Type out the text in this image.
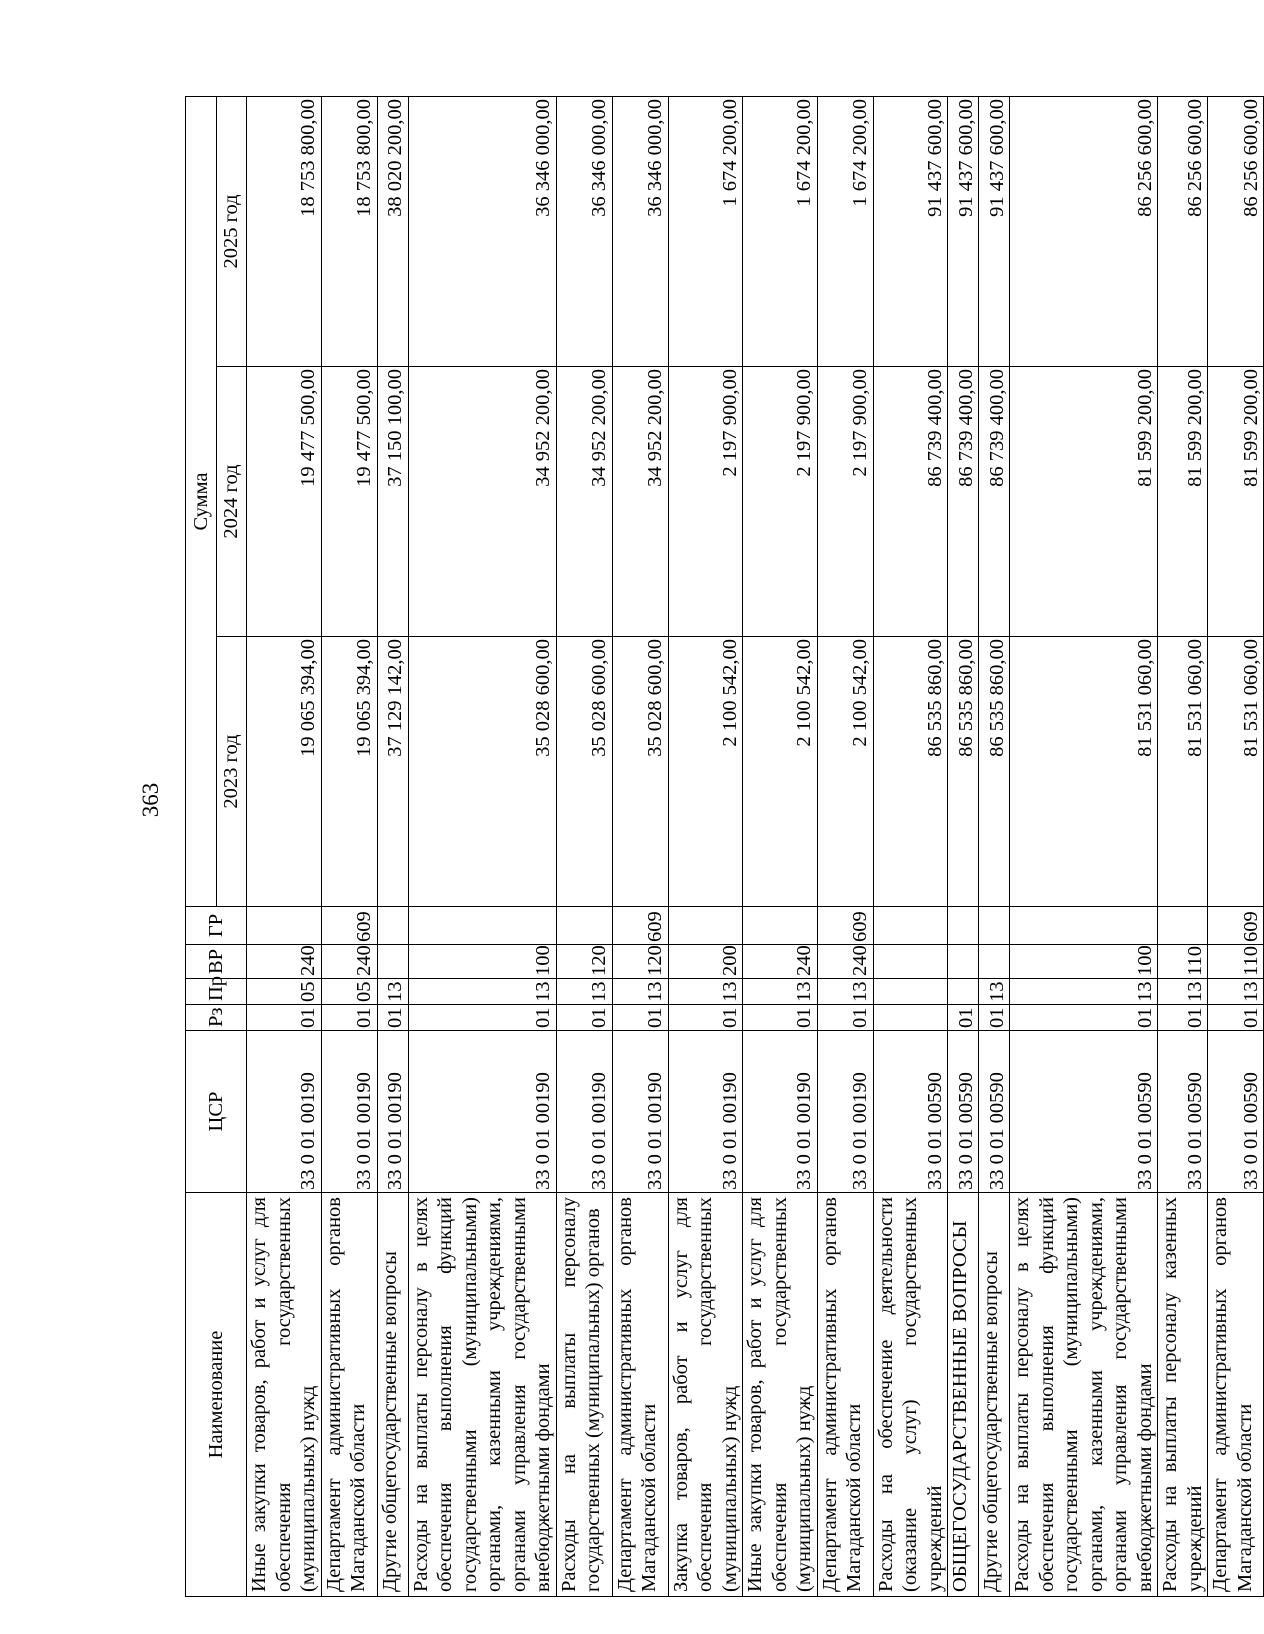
363
Наименование	ЦСР	Рз	Пр	ВР	ГР	Сумма		
						2023 год	2024 год	2025 год
Иные закупки товаров, работ и услуг для обеспечения государственных (муниципальных) нужд	33 0 01 00190	01	05	240		19 065 394,00	19 477 500,00	18 753 800,00
Департамент административных органов Магаданской области	33 0 01 00190	01	05	240	609	19 065 394,00	19 477 500,00	18 753 800,00
Другие общегосударственные вопросы	33 0 01 00190	01	13			37 129 142,00	37 150 100,00	38 020 200,00
Расходы на выплаты персоналу в целях обеспечения выполнения функций государственными (муниципальными) органами, казенными учреждениями, органами управления государственными внебюджетными фондами	33 0 01 00190	01	13	100		35 028 600,00	34 952 200,00	36 346 000,00
Расходы на выплаты персоналу государственных (муниципальных) органов	33 0 01 00190	01	13	120		35 028 600,00	34 952 200,00	36 346 000,00
Департамент административных органов Магаданской области	33 0 01 00190	01	13	120	609	35 028 600,00	34 952 200,00	36 346 000,00
Закупка товаров, работ и услуг для обеспечения государственных (муниципальных) нужд	33 0 01 00190	01	13	200		2 100 542,00	2 197 900,00	1 674 200,00
Иные закупки товаров, работ и услуг для обеспечения государственных (муниципальных) нужд	33 0 01 00190	01	13	240		2 100 542,00	2 197 900,00	1 674 200,00
Департамент административных органов Магаданской области	33 0 01 00190	01	13	240	609	2 100 542,00	2 197 900,00	1 674 200,00
Расходы на обеспечение деятельности (оказание услуг) государственных учреждений	33 0 01 00590					86 535 860,00	86 739 400,00	91 437 600,00
ОБЩЕГОСУДАРСТВЕННЫЕ ВОПРОСЫ	33 0 01 00590	01				86 535 860,00	86 739 400,00	91 437 600,00
Другие общегосударственные вопросы	33 0 01 00590	01	13			86 535 860,00	86 739 400,00	91 437 600,00
Расходы на выплаты персоналу в целях обеспечения выполнения функций государственными (муниципальными) органами, казенными учреждениями, органами управления государственными внебюджетными фондами	33 0 01 00590	01	13	100		81 531 060,00	81 599 200,00	86 256 600,00
Расходы на выплаты персоналу казенных учреждений	33 0 01 00590	01	13	110		81 531 060,00	81 599 200,00	86 256 600,00
Департамент административных органов Магаданской области	33 0 01 00590	01	13	110	609	81 531 060,00	81 599 200,00	86 256 600,00
